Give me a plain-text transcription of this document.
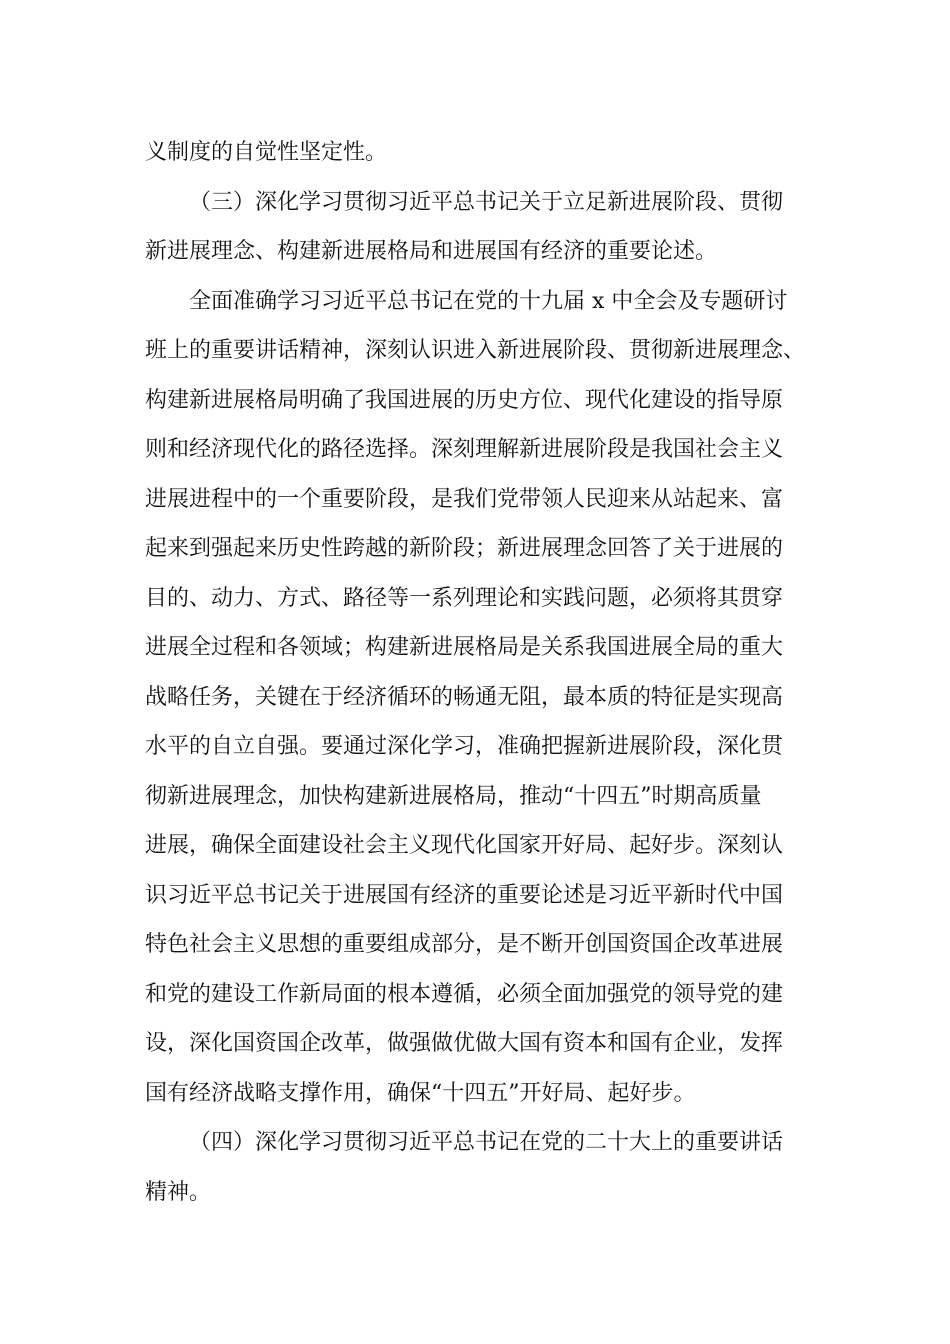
义制度的自觉性坚定性。
（三）深化学习贯彻习近平总书记关于立足新进展阶段、贯彻
新进展理念、构建新进展格局和进展国有经济的重要论述。
全面准确学习习近平总书记在党的十九届 x 中全会及专题研讨
班上的重要讲话精神，深刻认识进入新进展阶段、贯彻新进展理念、
构建新进展格局明确了我国进展的历史方位、现代化建设的指导原
则和经济现代化的路径选择。深刻理解新进展阶段是我国社会主义
进展进程中的一个重要阶段，是我们党带领人民迎来从站起来、富
起来到强起来历史性跨越的新阶段；新进展理念回答了关于进展的
目的、动力、方式、路径等一系列理论和实践问题，必须将其贯穿
进展全过程和各领域；构建新进展格局是关系我国进展全局的重大
战略任务，关键在于经济循环的畅通无阻，最本质的特征是实现高
水平的自立自强。要通过深化学习，准确把握新进展阶段，深化贯
彻新进展理念，加快构建新进展格局，推动“十四五”时期高质量
进展，确保全面建设社会主义现代化国家开好局、起好步。深刻认
识习近平总书记关于进展国有经济的重要论述是习近平新时代中国
特色社会主义思想的重要组成部分，是不断开创国资国企改革进展
和党的建设工作新局面的根本遵循，必须全面加强党的领导党的建
设，深化国资国企改革，做强做优做大国有资本和国有企业，发挥
国有经济战略支撑作用，确保“十四五”开好局、起好步。
（四）深化学习贯彻习近平总书记在党的二十大上的重要讲话
精神。
